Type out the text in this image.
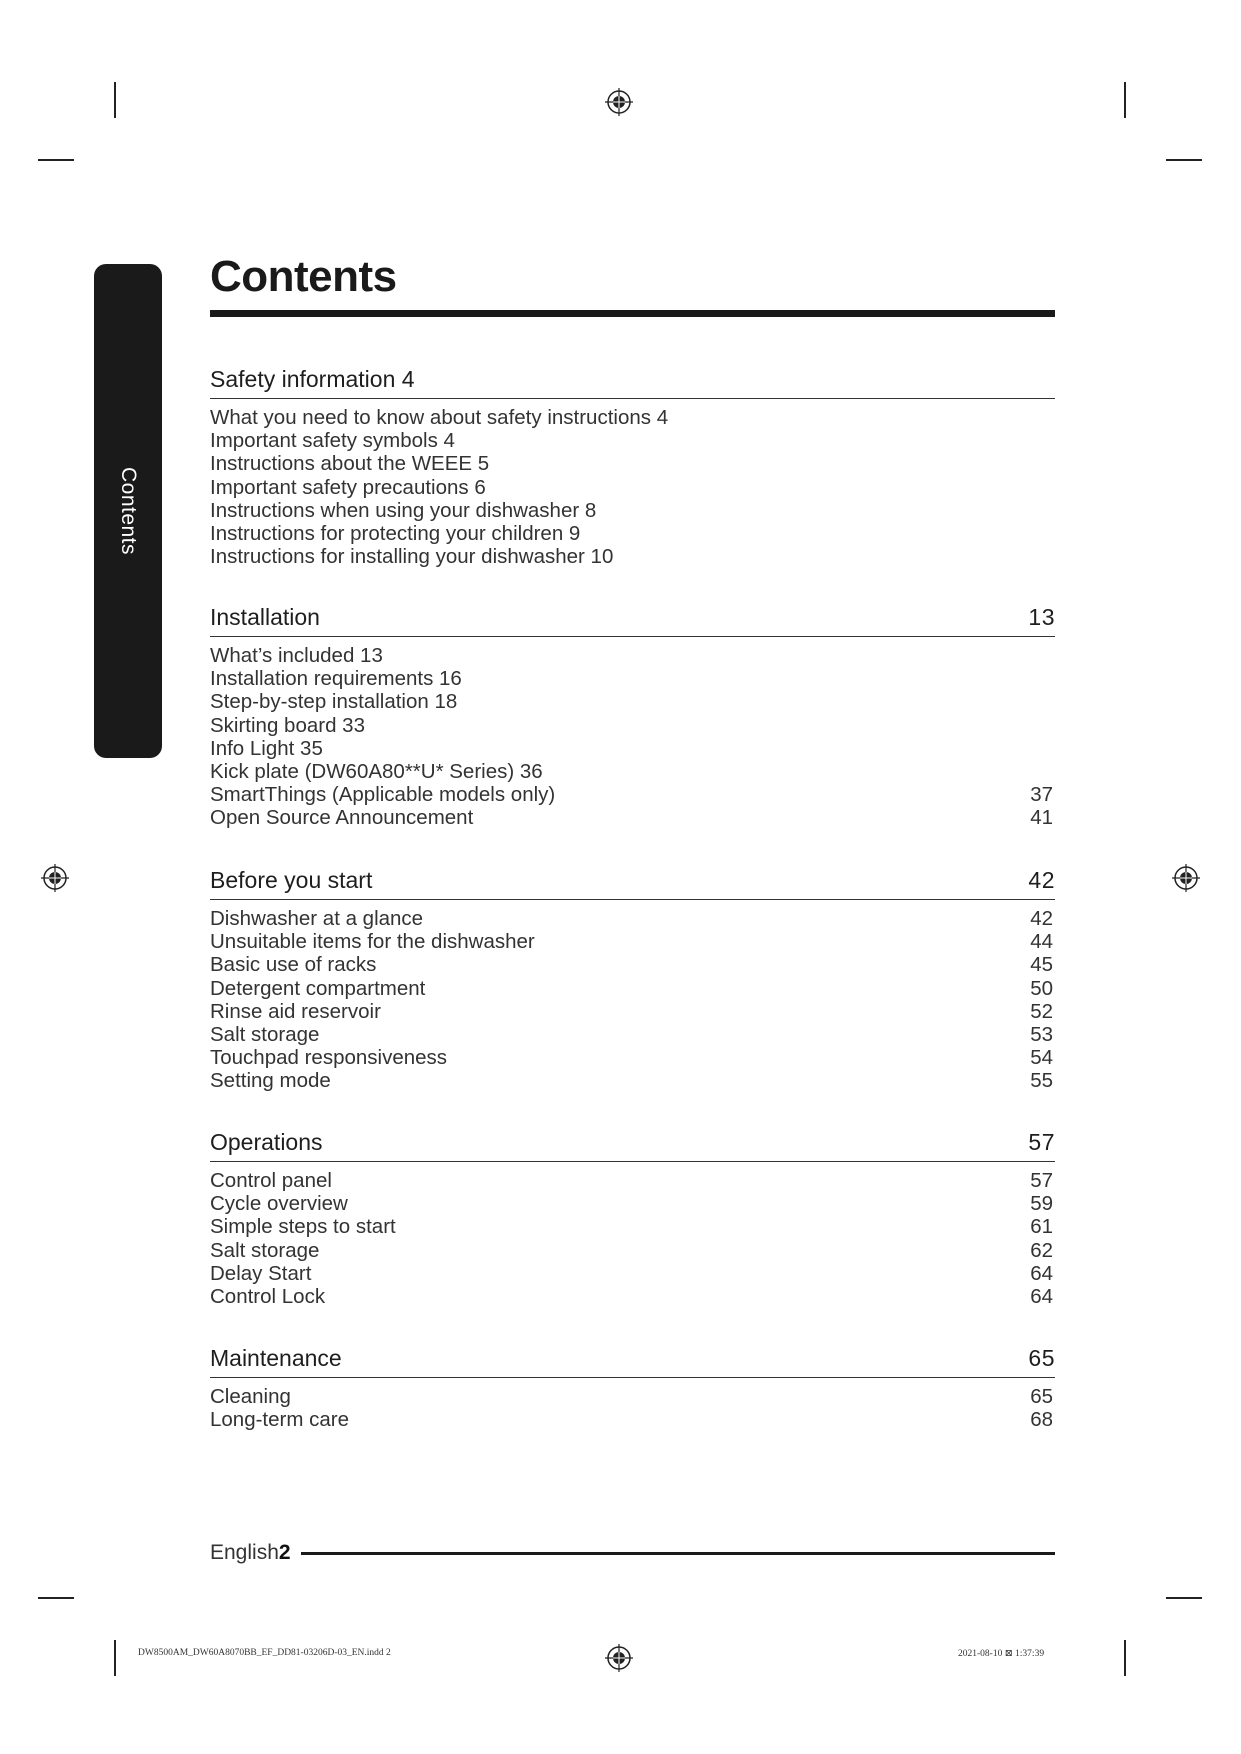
Contents
Contents
Safety information 4
What you need to know about safety instructions 4
Important safety symbols 4
Instructions about the WEEE 5
Important safety precautions 6
Instructions when using your dishwasher 8
Instructions for protecting your children 9
Instructions for installing your dishwasher 10
Installation	13
What’s included 13
Installation requirements 16
Step-by-step installation 18
Skirting board 33
Info Light 35
Kick plate (DW60A80**U* Series) 36
SmartThings (Applicable models only)	37
Open Source Announcement	41
Before you start	42
Dishwasher at a glance	42
Unsuitable items for the dishwasher	44
Basic use of racks	45
Detergent compartment	50
Rinse aid reservoir	52
Salt storage	53
Touchpad responsiveness	54
Setting mode	55
Operations	57
Control panel	57
Cycle overview	59
Simple steps to start	61
Salt storage	62
Delay Start	64
Control Lock	64
Maintenance	65
Cleaning	65
Long-term care	68
English 2
DW8500AM_DW60A8070BB_EF_DD81-03206D-03_EN.indd 2	2021-08-10 ⊠ 1:37:39
